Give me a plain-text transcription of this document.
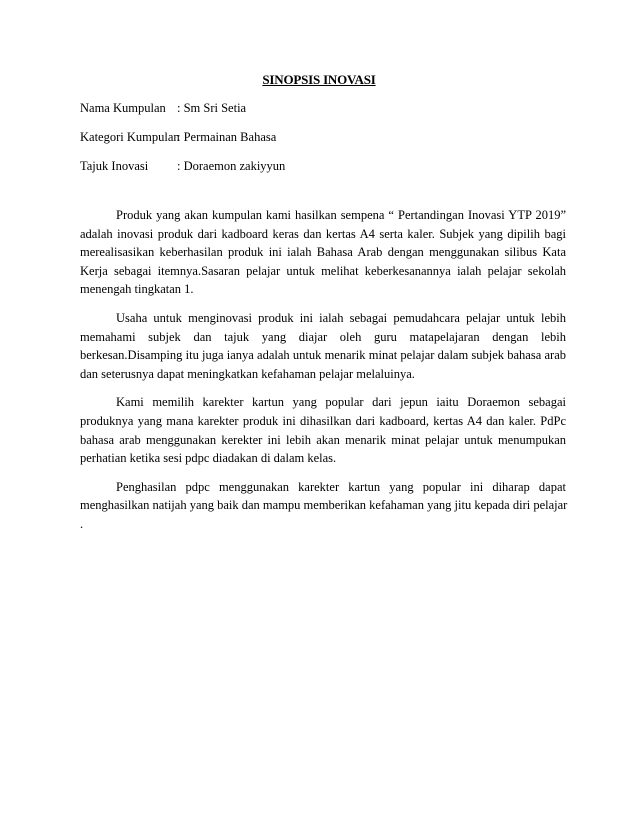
SINOPSIS INOVASI
Nama Kumpulan : Sm Sri Setia
Kategori Kumpulan: Permainan Bahasa
Tajuk Inovasi : Doraemon zakiyyun
Produk yang akan kumpulan kami hasilkan sempena “ Pertandingan Inovasi YTP 2019”
adalah inovasi produk dari kadboard keras dan kertas A4 serta kaler. Subjek yang dipilih bagi
merealisasikan keberhasilan produk ini ialah Bahasa Arab dengan menggunakan silibus Kata
Kerja sebagai itemnya.Sasaran pelajar untuk melihat keberkesanannya ialah pelajar sekolah
menengah tingkatan 1.
Usaha untuk menginovasi produk ini ialah sebagai pemudahcara pelajar untuk lebih
memahami subjek dan tajuk yang diajar oleh guru matapelajaran dengan lebih
berkesan.Disamping itu juga ianya adalah untuk menarik minat pelajar dalam subjek bahasa arab
dan seterusnya dapat meningkatkan kefahaman pelajar melaluinya.
Kami memilih karekter kartun yang popular dari jepun iaitu Doraemon sebagai
produknya yang mana karekter produk ini dihasilkan dari kadboard, kertas A4 dan kaler. PdPc
bahasa arab menggunakan kerekter ini lebih akan menarik minat pelajar untuk menumpukan
perhatian ketika sesi pdpc diadakan di dalam kelas.
Penghasilan pdpc menggunakan karekter kartun yang popular ini diharap dapat
menghasilkan natijah yang baik dan mampu memberikan kefahaman yang jitu kepada diri pelajar
.
